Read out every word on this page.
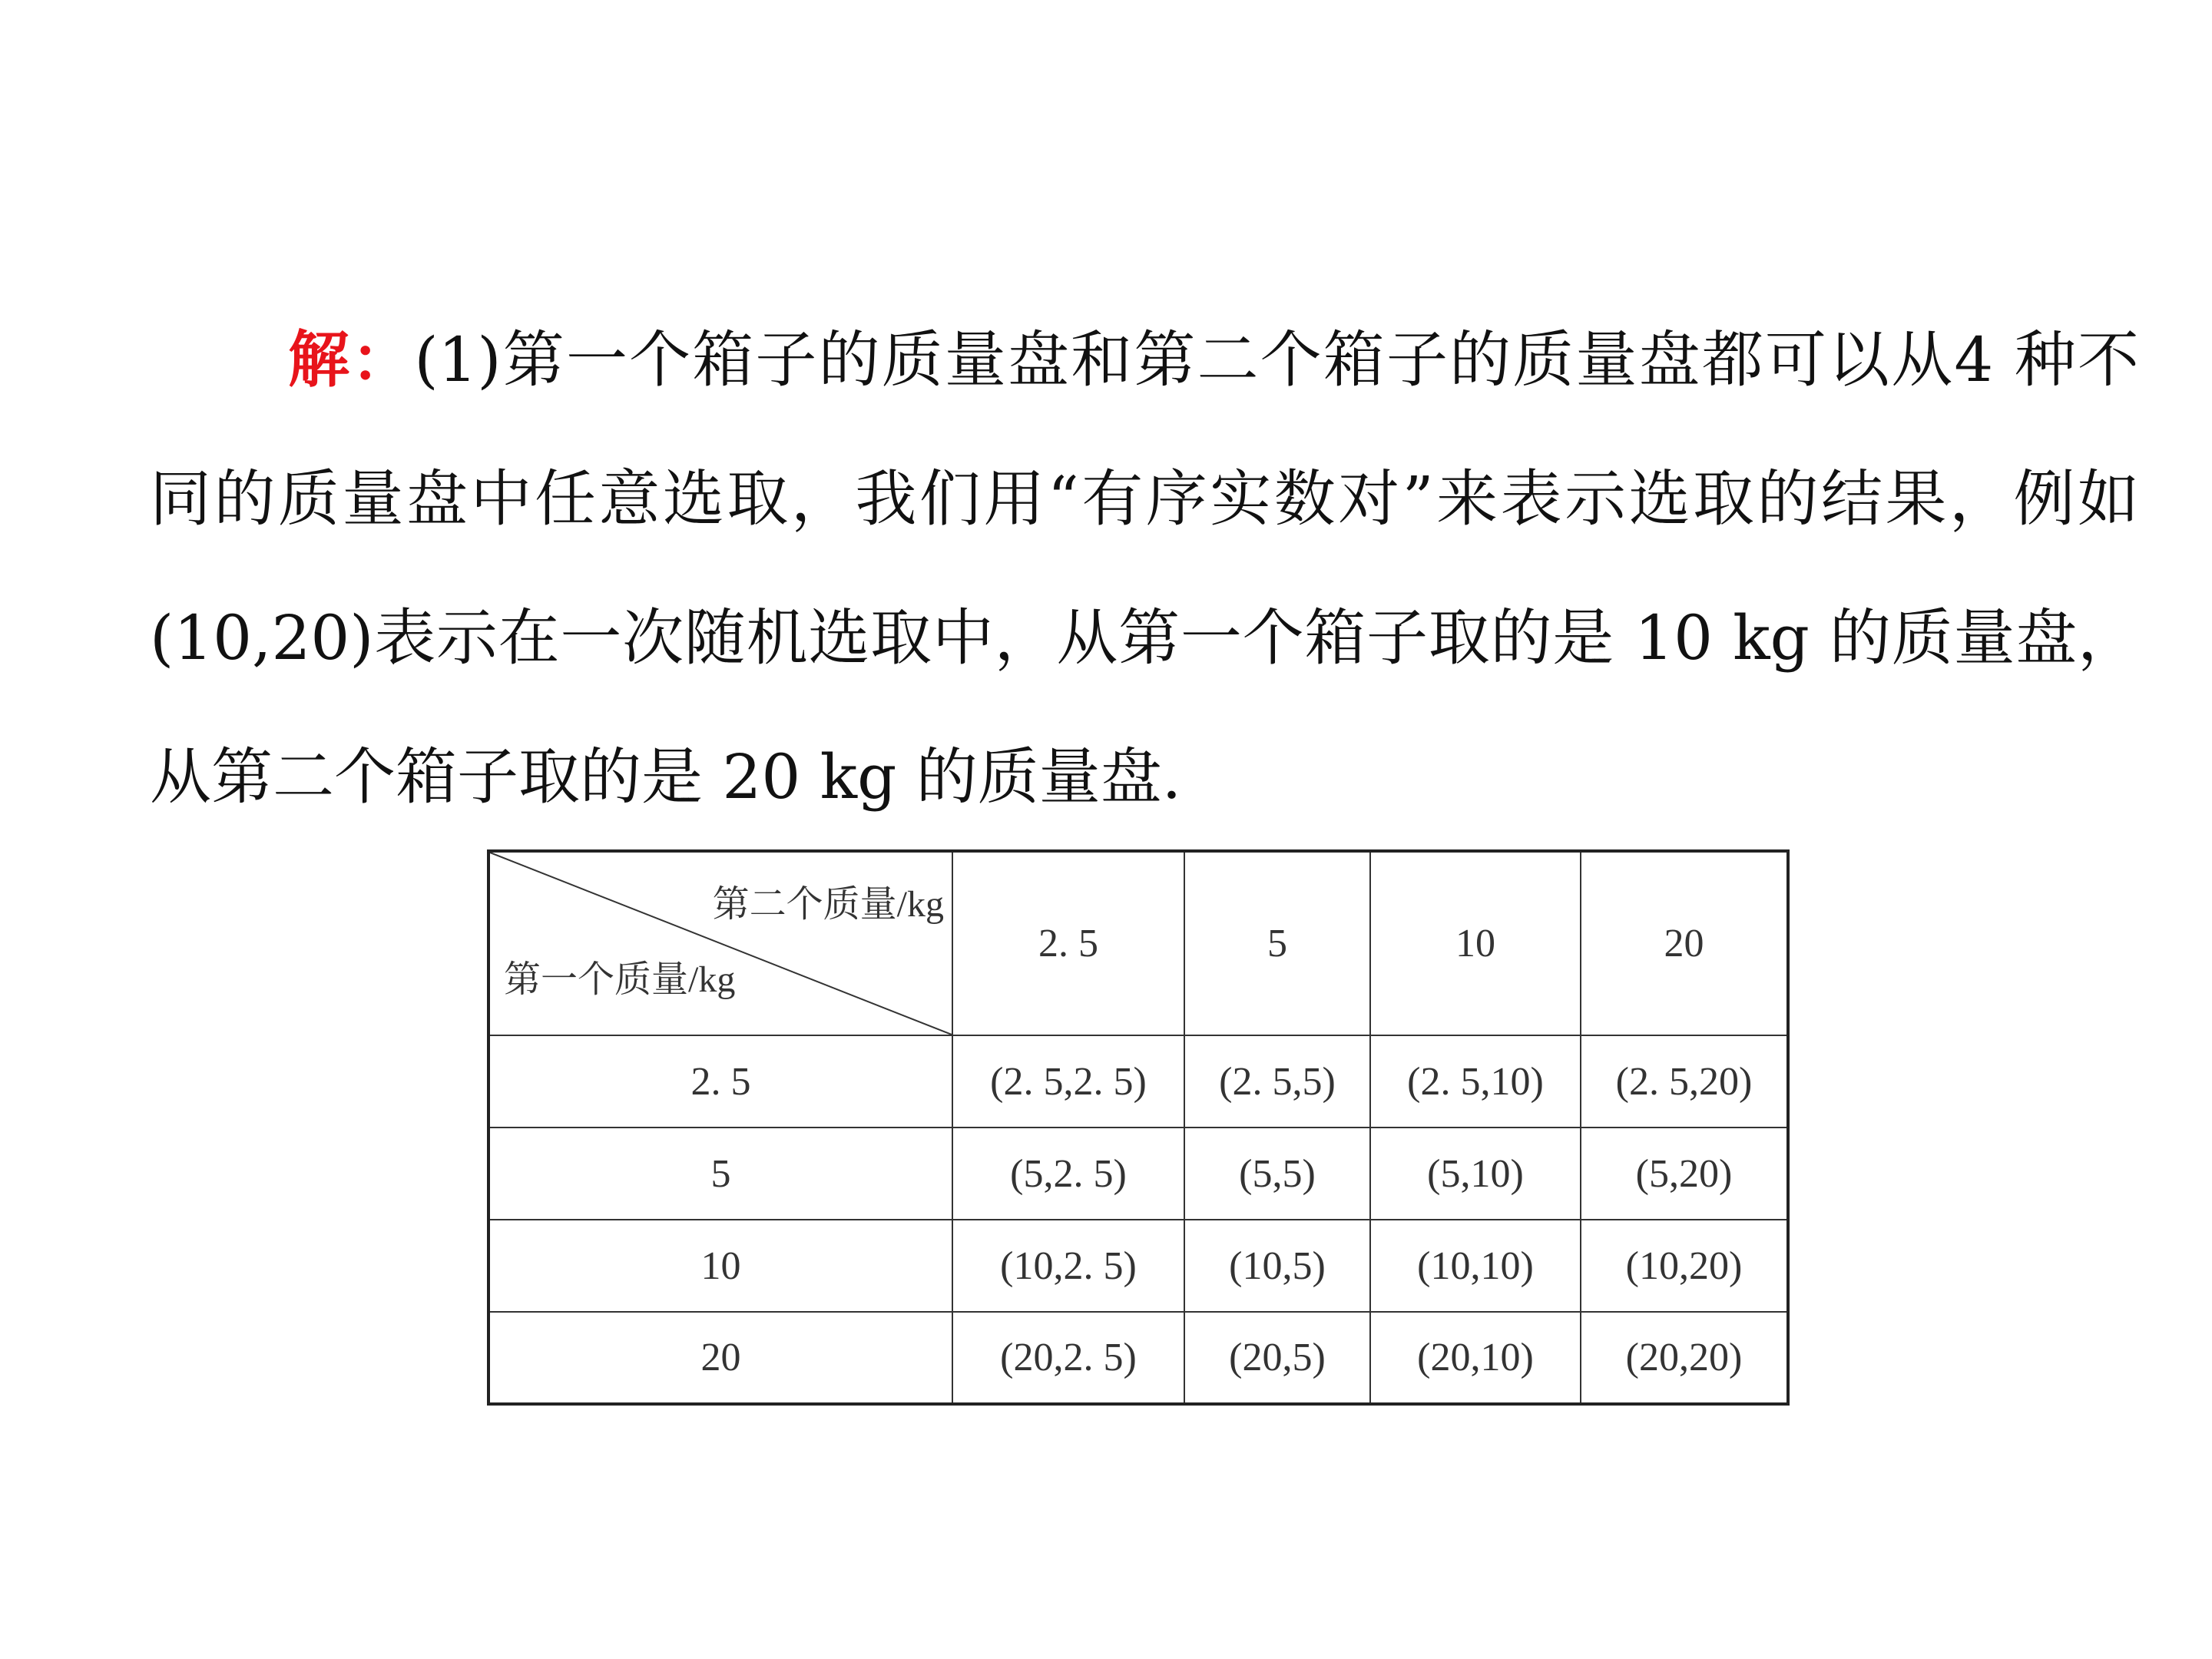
解：(1)第一个箱子的质量盘和第二个箱子的质量盘都可以从4 种不同的质量盘中任意选取，我们用“有序实数对”来表示选取的结果，例如(10,20)表示在一次随机选取中，从第一个箱子取的是 10 kg 的质量盘，从第二个箱子取的是 20 kg 的质量盘.
第二个质量/kg
第一个质量/kg	2. 5	5	10	20
2. 5	(2. 5,2. 5)	(2. 5,5)	(2. 5,10)	(2. 5,20)
5	(5,2. 5)	(5,5)	(5,10)	(5,20)
10	(10,2. 5)	(10,5)	(10,10)	(10,20)
20	(20,2. 5)	(20,5)	(20,10)	(20,20)
